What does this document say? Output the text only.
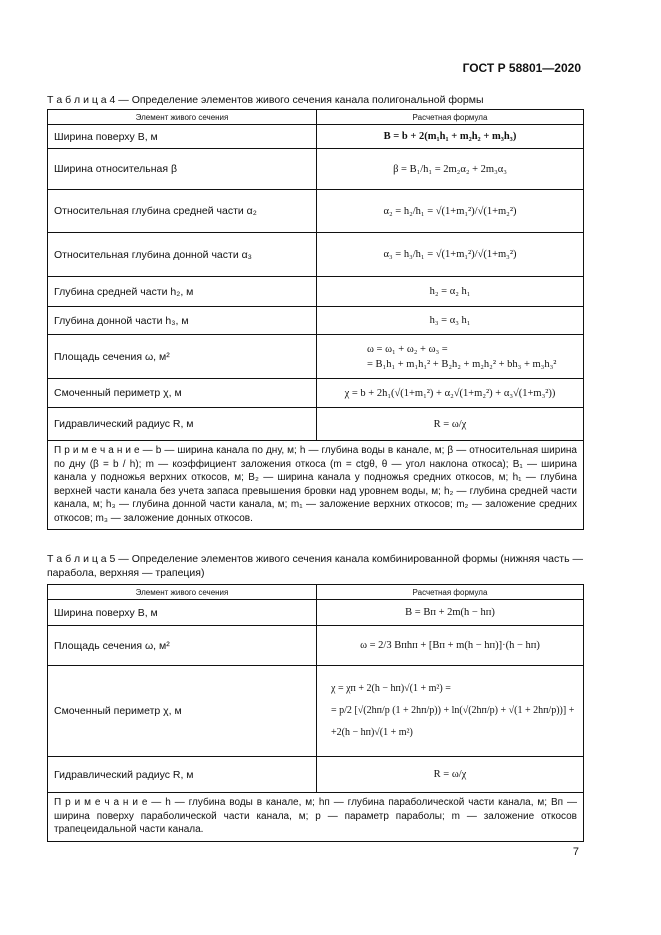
ГОСТ Р 58801—2020
Т а б л и ц а 4 — Определение элементов живого сечения канала полигональной формы
Элемент живого сечения	Расчетная формула
Ширина поверху B, м	B = b + 2(m₁h₁ + m₂h₂ + m₃h₃)
Ширина относительная β	β = B₁/h₁ = 2m₂α₂ + 2m₃α₃
Относительная глубина средней части α₂	α₂ = h₂/h₁ = √(1+m₁²)/√(1+m₂²)
Относительная глубина донной части α₃	α₃ = h₃/h₁ = √(1+m₁²)/√(1+m₃²)
Глубина средней части h₂, м	h₂ = α₂ h₁
Глубина донной части h₃, м	h₃ = α₃ h₁
Площадь сечения ω, м²	ω = ω₁ + ω₂ + ω₃ =
= B₁h₁ + m₁h₁² + B₂h₂ + m₂h₂² + bh₃ + m₃h₃²

Смоченный периметр χ, м	χ = b + 2h₁(√(1+m₁²) + α₂√(1+m₂²) + α₃√(1+m₃²))
Гидравлический радиус R, м	R = ω/χ
П р и м е ч а н и е — b — ширина канала по дну, м; h — глубина воды в канале, м; β — относительная ширина по дну (β = b / h); m — коэффициент заложения откоса (m = ctgθ, θ — угол наклона откоса); B₁ — ширина канала у подножья верхних откосов, м; B₂ — ширина канала у подножья средних откосов, м; h₁ — глубина верхней части канала без учета запаса превышения бровки над уровнем воды, м; h₂ — глубина средней части канала, м; h₃ — глубина донной части канала, м; m₁ — заложение верхних откосов; m₂ — заложение средних откосов; m₃ — заложение донных откосов.	
Т а б л и ц а 5 — Определение элементов живого сечения канала комбинированной формы (нижняя часть — парабола, верхняя — трапеция)
Элемент живого сечения	Расчетная формула
Ширина поверху B, м	B = Bп + 2m(h − hп)
Площадь сечения ω, м²	ω = 2/3 Bпhп + [Bп + m(h − hп)]·(h − hп)
Смоченный периметр χ, м	χ = χп + 2(h − hп)√(1 + m²) =
= p/2 [√(2hп/p (1 + 2hп/p)) + ln(√(2hп/p) + √(1 + 2hп/p))] +
+2(h − hп)√(1 + m²)

Гидравлический радиус R, м	R = ω/χ
П р и м е ч а н и е — h — глубина воды в канале, м; hп — глубина параболической части канала, м; Bп — ширина поверху параболической части канала, м; p — параметр параболы; m — заложение откосов трапецеидальной части канала.	
7
